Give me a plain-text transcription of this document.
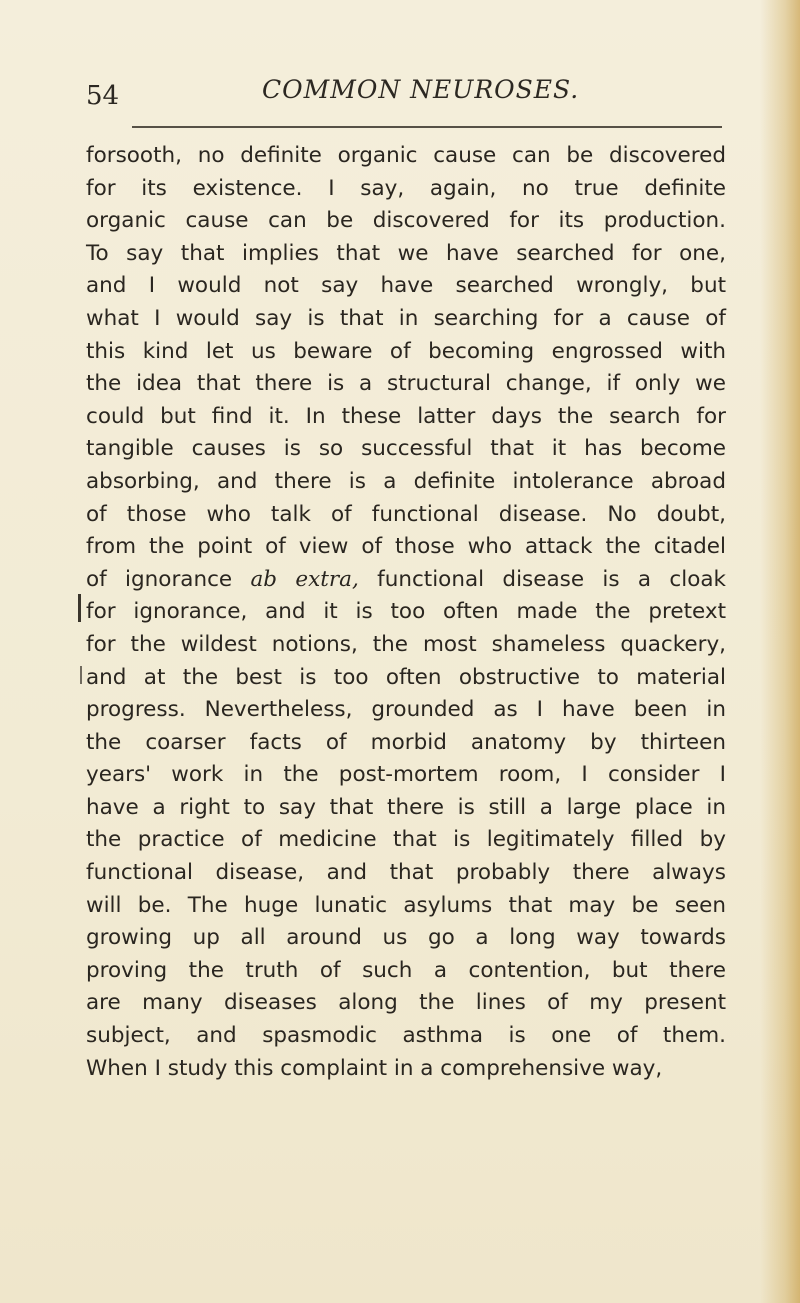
54	COMMON NEUROSES.
forsooth, no definite organic cause can be discovered
for its existence. I say, again, no true definite
organic cause can be discovered for its production.
To say that implies that we have searched for one,
and I would not say have searched wrongly, but
what I would say is that in searching for a cause of
this kind let us beware of becoming engrossed with
the idea that there is a structural change, if only we
could but find it. In these latter days the search for
tangible causes is so successful that it has become
absorbing, and there is a definite intolerance abroad
of those who talk of functional disease. No doubt,
from the point of view of those who attack the citadel
of ignorance ab extra, functional disease is a cloak
for ignorance, and it is too often made the pretext
for the wildest notions, the most shameless quackery,
and at the best is too often obstructive to material
progress. Nevertheless, grounded as I have been in
the coarser facts of morbid anatomy by thirteen
years' work in the post-mortem room, I consider I
have a right to say that there is still a large place in
the practice of medicine that is legitimately filled by
functional disease, and that probably there always
will be. The huge lunatic asylums that may be seen
growing up all around us go a long way towards
proving the truth of such a contention, but there
are many diseases along the lines of my present
subject, and spasmodic asthma is one of them.
When I study this complaint in a comprehensive way,
